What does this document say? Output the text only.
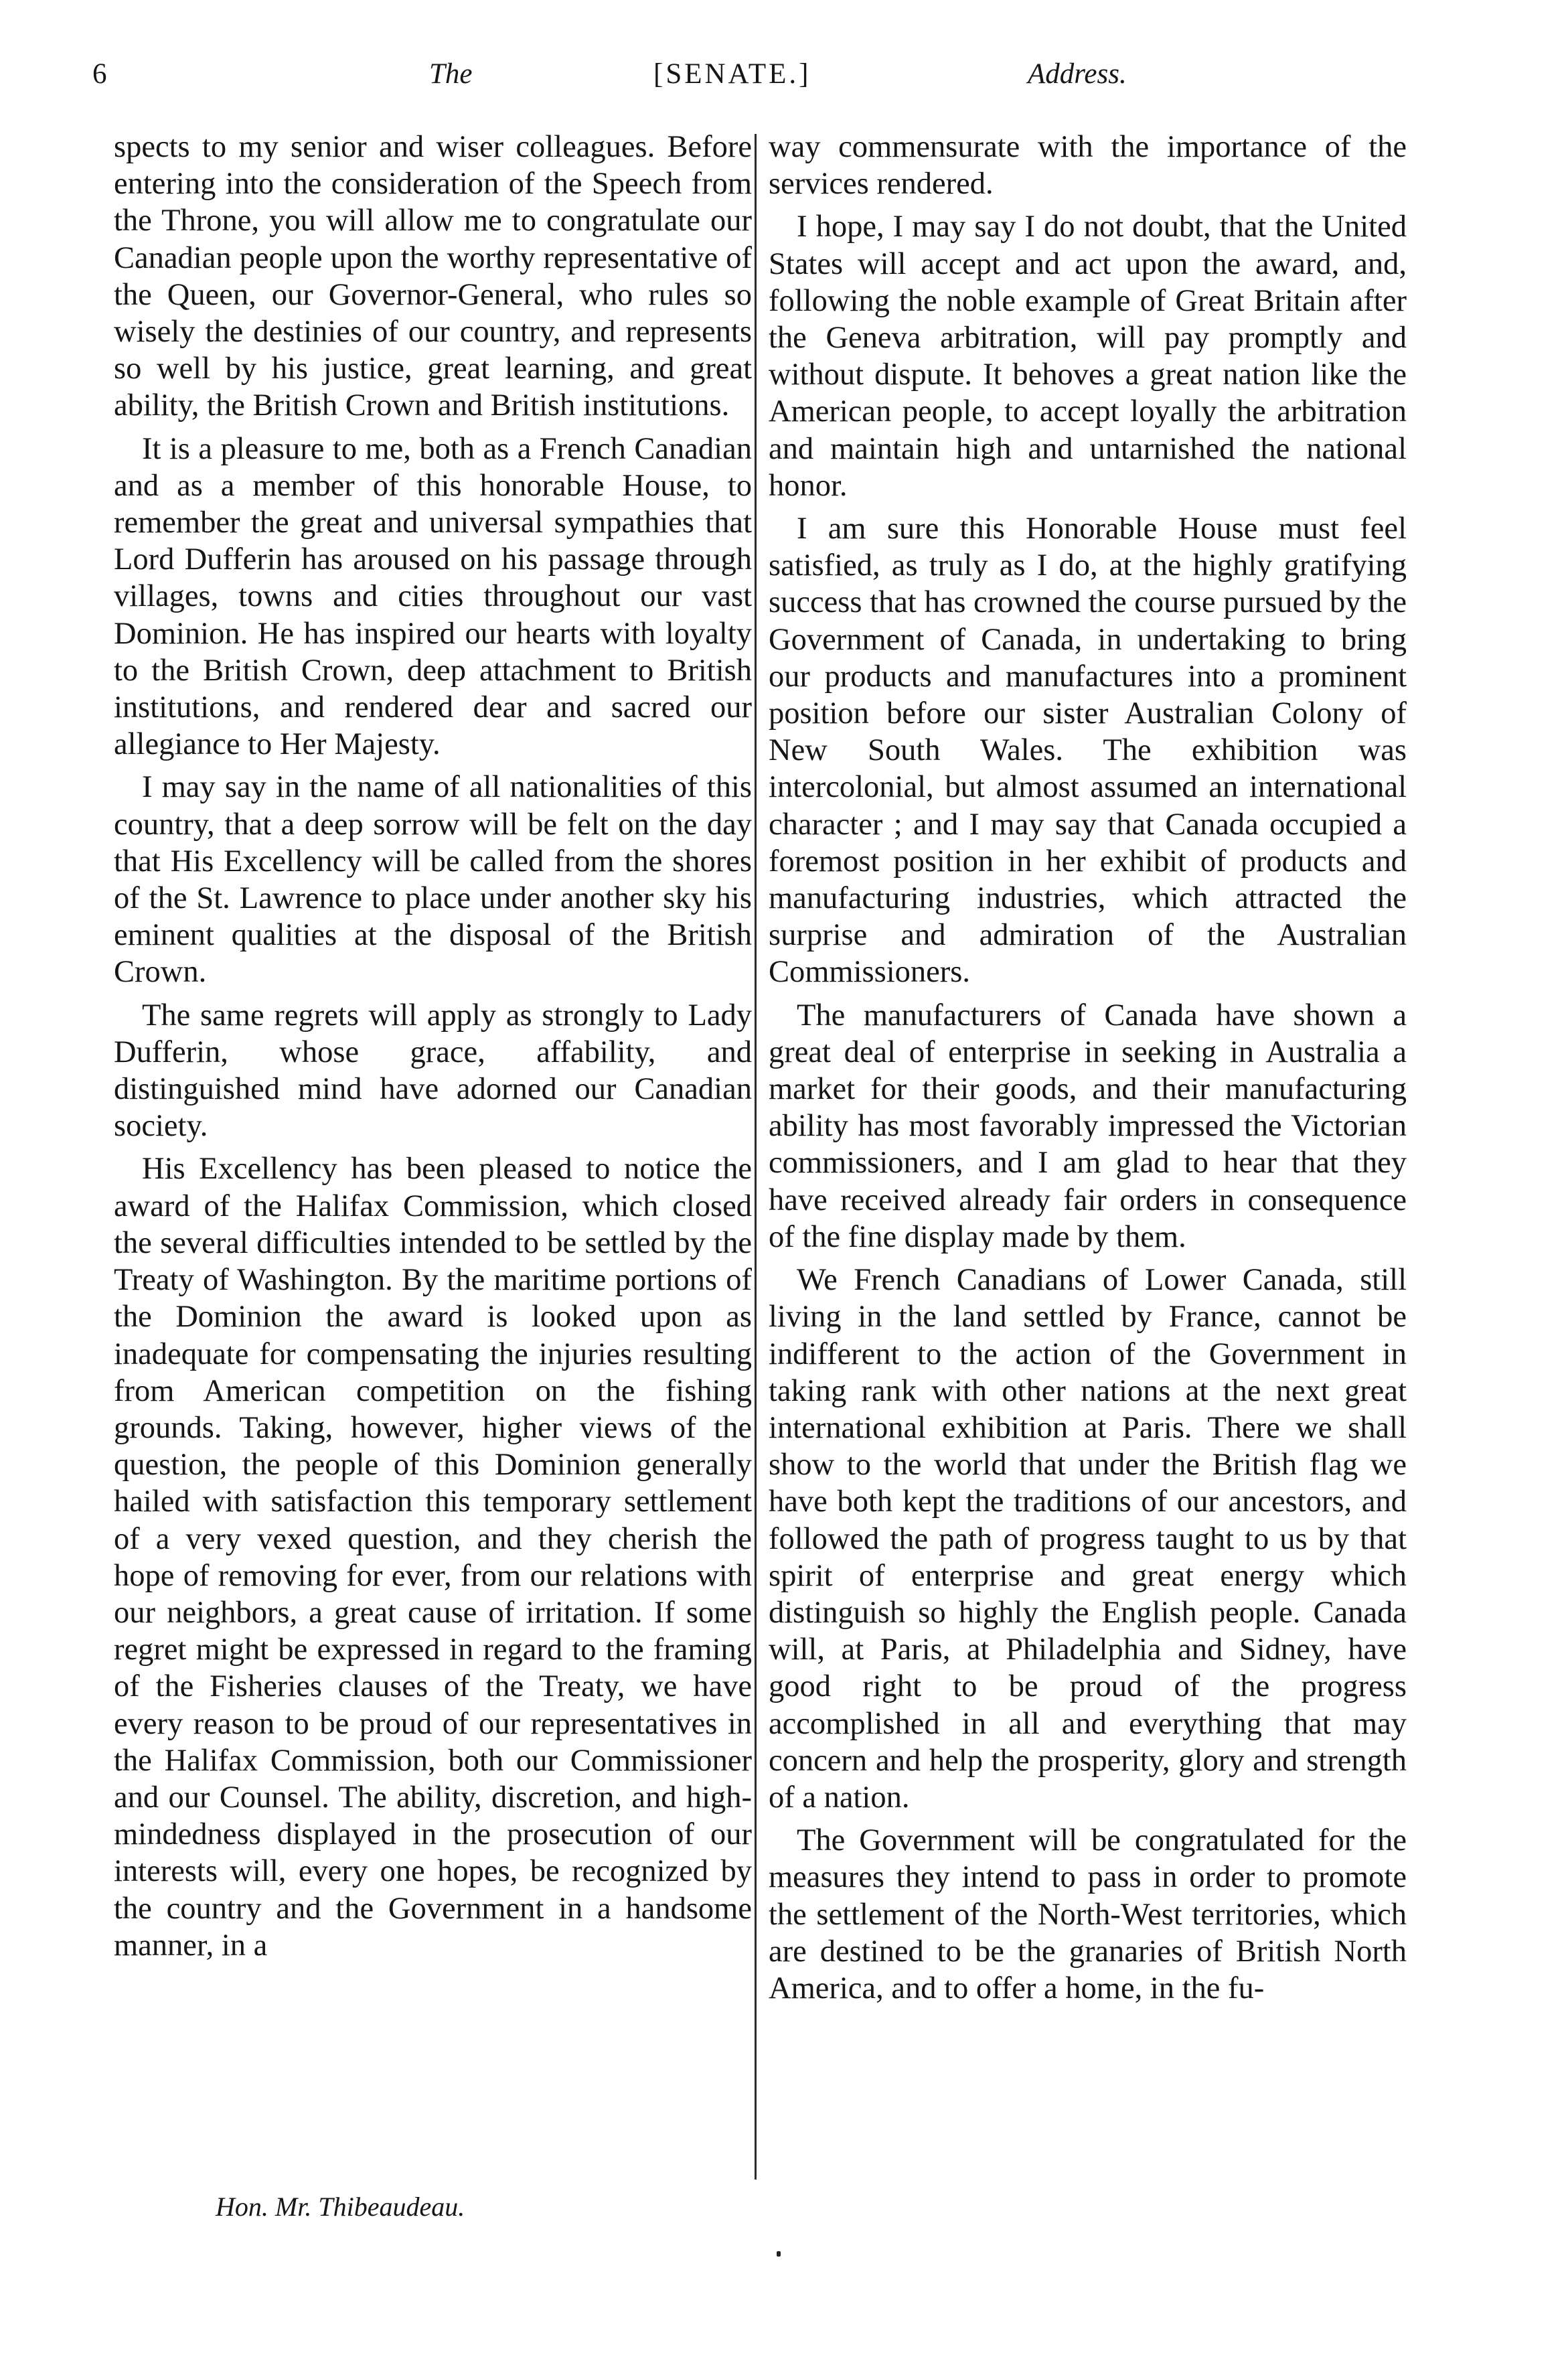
6	The	[SENATE.]	Address.

spects to my senior and wiser colleagues. Before entering into the consideration of the Speech from the Throne, you will allow me to congratulate our Canadian people upon the worthy representative of the Queen, our Governor-General, who rules so wisely the destinies of our country, and represents so well by his justice, great learning, and great ability, the British Crown and British institutions.

It is a pleasure to me, both as a French Canadian and as a member of this honorable House, to remember the great and universal sympathies that Lord Dufferin has aroused on his passage through villages, towns and cities throughout our vast Dominion. He has inspired our hearts with loyalty to the British Crown, deep attachment to British institutions, and rendered dear and sacred our allegiance to Her Majesty.

I may say in the name of all nationalities of this country, that a deep sorrow will be felt on the day that His Excellency will be called from the shores of the St. Lawrence to place under another sky his eminent qualities at the disposal of the British Crown.

The same regrets will apply as strongly to Lady Dufferin, whose grace, affability, and distinguished mind have adorned our Canadian society.

His Excellency has been pleased to notice the award of the Halifax Commission, which closed the several difficulties intended to be settled by the Treaty of Washington. By the maritime portions of the Dominion the award is looked upon as inadequate for compensating the injuries resulting from American competition on the fishing grounds. Taking, however, higher views of the question, the people of this Dominion generally hailed with satisfaction this temporary settlement of a very vexed question, and they cherish the hope of removing for ever, from our relations with our neighbors, a great cause of irritation. If some regret might be expressed in regard to the framing of the Fisheries clauses of the Treaty, we have every reason to be proud of our representatives in the Halifax Commission, both our Commissioner and our Counsel. The ability, discretion, and high-mindedness displayed in the prosecution of our interests will, every one hopes, be recognized by the country and the Government in a handsome manner, in a

way commensurate with the importance of the services rendered.

I hope, I may say I do not doubt, that the United States will accept and act upon the award, and, following the noble example of Great Britain after the Geneva arbitration, will pay promptly and without dispute. It behoves a great nation like the American people, to accept loyally the arbitration and maintain high and untarnished the national honor.

I am sure this Honorable House must feel satisfied, as truly as I do, at the highly gratifying success that has crowned the course pursued by the Government of Canada, in undertaking to bring our products and manufactures into a prominent position before our sister Australian Colony of New South Wales. The exhibition was intercolonial, but almost assumed an international character ; and I may say that Canada occupied a foremost position in her exhibit of products and manufacturing industries, which attracted the surprise and admiration of the Australian Commissioners.

The manufacturers of Canada have shown a great deal of enterprise in seeking in Australia a market for their goods, and their manufacturing ability has most favorably impressed the Victorian commissioners, and I am glad to hear that they have received already fair orders in consequence of the fine display made by them.

We French Canadians of Lower Canada, still living in the land settled by France, cannot be indifferent to the action of the Government in taking rank with other nations at the next great international exhibition at Paris. There we shall show to the world that under the British flag we have both kept the traditions of our ancestors, and followed the path of progress taught to us by that spirit of enterprise and great energy which distinguish so highly the English people. Canada will, at Paris, at Philadelphia and Sidney, have good right to be proud of the progress accomplished in all and everything that may concern and help the prosperity, glory and strength of a nation.

The Government will be congratulated for the measures they intend to pass in order to promote the settlement of the North-West territories, which are destined to be the granaries of British North America, and to offer a home, in the fu-

Hon. Mr. Thibeaudeau.
